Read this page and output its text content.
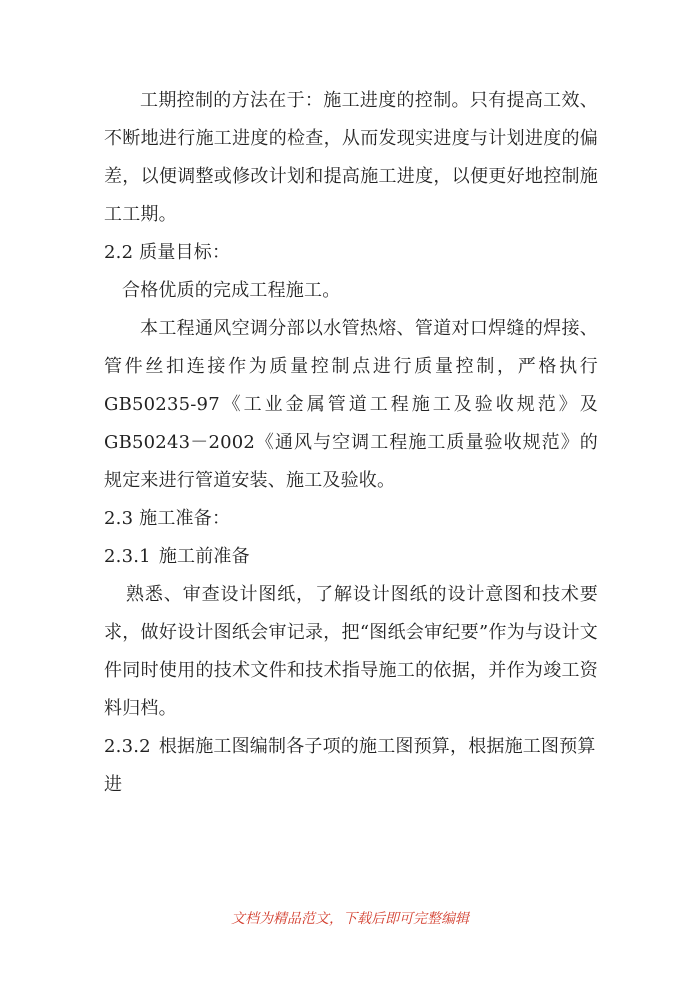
工期控制的方法在于：施工进度的控制。只有提高工效、不断地进行施工进度的检查，从而发现实进度与计划进度的偏差，以便调整或修改计划和提高施工进度，以便更好地控制施工工期。

2.2 质量目标：

合格优质的完成工程施工。

本工程通风空调分部以水管热熔、管道对口焊缝的焊接、管件丝扣连接作为质量控制点进行质量控制，严格执行 GB50235-97《工业金属管道工程施工及验收规范》及 GB50243－2002《通风与空调工程施工质量验收规范》的规定来进行管道安装、施工及验收。

2.3 施工准备：

2.3.1 施工前准备

熟悉、审查设计图纸，了解设计图纸的设计意图和技术要求，做好设计图纸会审记录，把“图纸会审纪要”作为与设计文件同时使用的技术文件和技术指导施工的依据，并作为竣工资料归档。

2.3.2 根据施工图编制各子项的施工图预算，根据施工图预算进

文档为精品范文，下载后即可完整编辑
